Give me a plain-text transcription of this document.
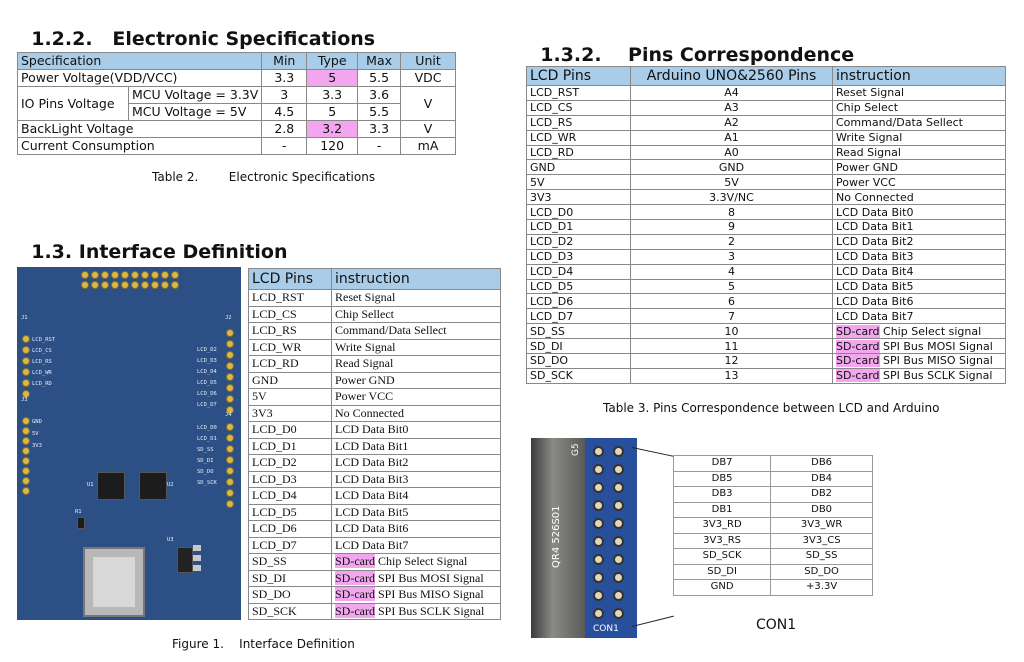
1.2.2. Electronic Specifications

1.3. Interface Definition

1.3.2. Pins Correspondence

Specification		Min	Type	Max	Unit
Power Voltage(VDD/VCC)		3.3	5	5.5	VDC
IO Pins Voltage	MCU Voltage = 3.3V	3	3.3	3.6	V
	MCU Voltage = 5V	4.5	5	5.5	
BackLight Voltage		2.8	3.2	3.3	V
Current Consumption		-	120	-	mA
Table 2.        Electronic Specifications
LCD_RST
LCD_CS
LCD_RS
LCD_WR
LCD_RD
GND
5V
3V3
LCD_D2
LCD_D3
LCD_D4
LCD_D5
LCD_D6
LCD_D7
LCD_D0
LCD_D1
SD_SS
SD_DI
SD_DO
SD_SCK
J1	J2
J3
J4
U1	U2
U3
R1
LCD Pins	instruction
LCD_RST	Reset Signal
LCD_CS	Chip Sellect
LCD_RS	Command/Data Sellect
LCD_WR	Write Signal
LCD_RD	Read Signal
GND	Power GND
5V	Power VCC
3V3	No Connected
LCD_D0	LCD Data Bit0
LCD_D1	LCD Data Bit1
LCD_D2	LCD Data Bit2
LCD_D3	LCD Data Bit3
LCD_D4	LCD Data Bit4
LCD_D5	LCD Data Bit5
LCD_D6	LCD Data Bit6
LCD_D7	LCD Data Bit7
SD_SS	SD-card Chip Select Signal
SD_DI	SD-card SPI Bus MOSI Signal
SD_DO	SD-card SPI Bus MISO Signal
SD_SCK	SD-card SPI Bus SCLK Signal
Figure 1.    Interface Definition
LCD Pins	Arduino UNO&2560 Pins	instruction
LCD_RST	A4	Reset Signal
LCD_CS	A3	Chip Select
LCD_RS	A2	Command/Data Sellect
LCD_WR	A1	Write Signal
LCD_RD	A0	Read Signal
GND	GND	Power GND
5V	5V	Power VCC
3V3	3.3V/NC	No Connected
LCD_D0	8	LCD Data Bit0
LCD_D1	9	LCD Data Bit1
LCD_D2	2	LCD Data Bit2
LCD_D3	3	LCD Data Bit3
LCD_D4	4	LCD Data Bit4
LCD_D5	5	LCD Data Bit5
LCD_D6	6	LCD Data Bit6
LCD_D7	7	LCD Data Bit7
SD_SS	10	SD-card Chip Select signal
SD_DI	11	SD-card SPI Bus MOSI Signal
SD_DO	12	SD-card SPI Bus MISO Signal
SD_SCK	13	SD-card SPI Bus SCLK Signal
Table 3. Pins Correspondence between LCD and Arduino
QR4 526S01
G5
CON1
DB7	DB6
DB5	DB4
DB3	DB2
DB1	DB0
3V3_RD	3V3_WR
3V3_RS	3V3_CS
SD_SCK	SD_SS
SD_DI	SD_DO
GND	+3.3V
CON1
